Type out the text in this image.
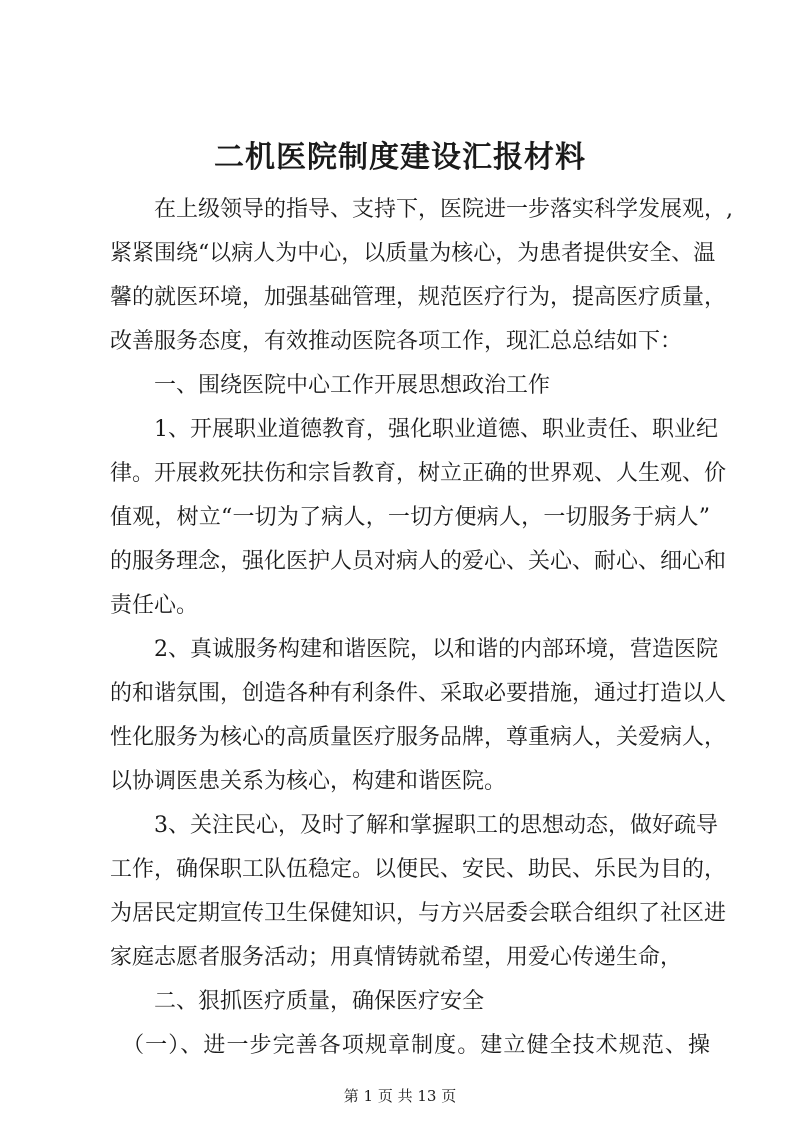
二机医院制度建设汇报材料
　　在上级领导的指导、支持下，医院进一步落实科学发展观，,
紧紧围绕“以病人为中心，以质量为核心，为患者提供安全、温
馨的就医环境，加强基础管理，规范医疗行为，提高医疗质量，
改善服务态度，有效推动医院各项工作，现汇总总结如下：
　　一、围绕医院中心工作开展思想政治工作
　　1、开展职业道德教育，强化职业道德、职业责任、职业纪
律。开展救死扶伤和宗旨教育，树立正确的世界观、人生观、价
值观，树立“一切为了病人，一切方便病人，一切服务于病人”
的服务理念，强化医护人员对病人的爱心、关心、耐心、细心和
责任心。
　　2、真诚服务构建和谐医院，以和谐的内部环境，营造医院
的和谐氛围，创造各种有利条件、采取必要措施，通过打造以人
性化服务为核心的高质量医疗服务品牌，尊重病人，关爱病人，
以协调医患关系为核心，构建和谐医院。
　　3、关注民心，及时了解和掌握职工的思想动态，做好疏导
工作，确保职工队伍稳定。以便民、安民、助民、乐民为目的，
为居民定期宣传卫生保健知识，与方兴居委会联合组织了社区进
家庭志愿者服务活动；用真情铸就希望，用爱心传递生命，
　　二、狠抓医疗质量，确保医疗安全
　（一）、进一步完善各项规章制度。建立健全技术规范、操
第 1 页 共 13 页
